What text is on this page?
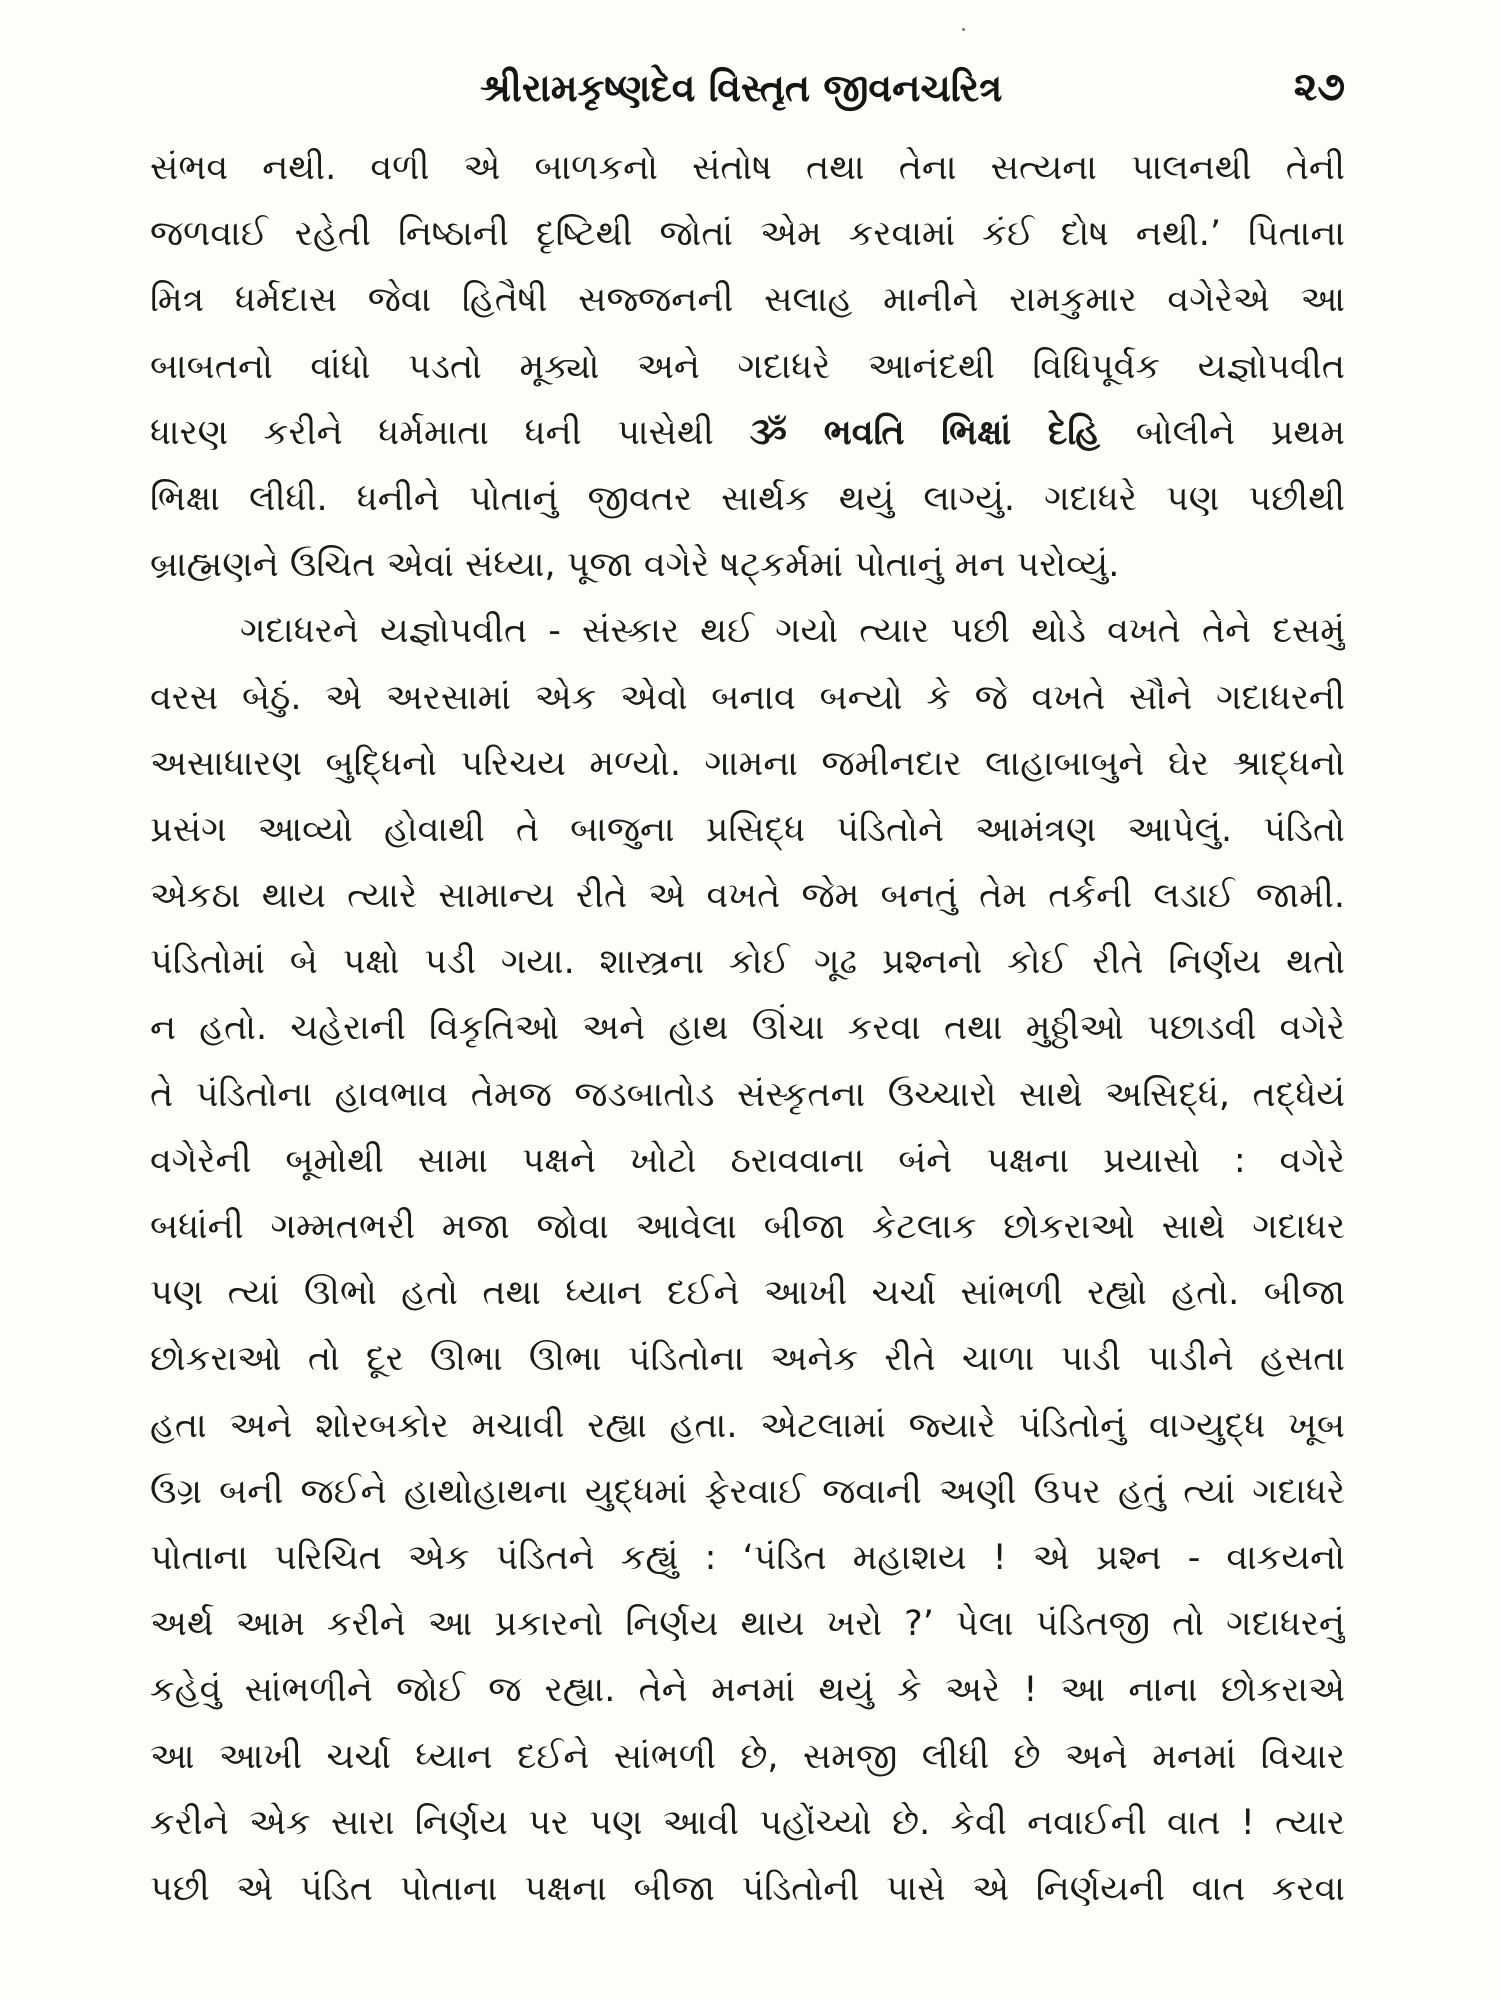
શ્રીરામકૃષ્ણદેવ વિસ્તૃત જીવનચરિત્ર	૨૭
સંભવ નથી. વળી એ બાળકનો સંતોષ તથા તેના સત્યના પાલનથી તેની
જળવાઈ રહેતી નિષ્ઠાની દૃષ્ટિથી જોતાં એમ કરવામાં કંઈ દોષ નથી.’ પિતાના
મિત્ર ધર્મદાસ જેવા હિતૈષી સજ્જનની સલાહ માનીને રામકુમાર વગેરેએ આ
બાબતનો વાંધો પડતો મૂક્યો અને ગદાધરે આનંદથી વિધિપૂર્વક યજ્ઞોપવીત
ધારણ કરીને ધર્મમાતા ધની પાસેથી ૐ ભવતિ ભિક્ષાં દેહિ બોલીને પ્રથમ
ભિક્ષા લીધી. ધનીને પોતાનું જીવતર સાર્થક થયું લાગ્યું. ગદાધરે પણ પછીથી
બ્રાહ્મણને ઉચિત એવાં સંધ્યા, પૂજા વગેરે ષટ્કર્મમાં પોતાનું મન પરોવ્યું.
ગદાધરને યજ્ઞોપવીત - સંસ્કાર થઈ ગયો ત્યાર પછી થોડે વખતે તેને દસમું
વરસ બેઠું. એ અરસામાં એક એવો બનાવ બન્યો કે જે વખતે સૌને ગદાધરની
અસાધારણ બુદ્ધિનો પરિચય મળ્યો. ગામના જમીનદાર લાહાબાબુને ઘેર શ્રાદ્ધનો
પ્રસંગ આવ્યો હોવાથી તે બાજુના પ્રસિદ્ધ પંડિતોને આમંત્રણ આપેલું. પંડિતો
એકઠા થાય ત્યારે સામાન્ય રીતે એ વખતે જેમ બનતું તેમ તર્કની લડાઈ જામી.
પંડિતોમાં બે પક્ષો પડી ગયા. શાસ્ત્રના કોઈ ગૂઢ પ્રશ્નનો કોઈ રીતે નિર્ણય થતો
ન હતો. ચહેરાની વિકૃતિઓ અને હાથ ઊંચા કરવા તથા મુઠ્ઠીઓ પછાડવી વગેરે
તે પંડિતોના હાવભાવ તેમજ જડબાતોડ સંસ્કૃતના ઉચ્ચારો સાથે અસિદ્ધં, તદ્ધેયં
વગેરેની બૂમોથી સામા પક્ષને ખોટો ઠરાવવાના બંને પક્ષના પ્રયાસો : વગેરે
બધાંની ગમ્મતભરી મજા જોવા આવેલા બીજા કેટલાક છોકરાઓ સાથે ગદાધર
પણ ત્યાં ઊભો હતો તથા ધ્યાન દઈને આખી ચર્ચા સાંભળી રહ્યો હતો. બીજા
છોકરાઓ તો દૂર ઊભા ઊભા પંડિતોના અનેક રીતે ચાળા પાડી પાડીને હસતા
હતા અને શોરબકોર મચાવી રહ્યા હતા. એટલામાં જ્યારે પંડિતોનું વાગ્યુદ્ધ ખૂબ
ઉગ્ર બની જઈને હાથોહાથના યુદ્ધમાં ફેરવાઈ જવાની અણી ઉપર હતું ત્યાં ગદાધરે
પોતાના પરિચિત એક પંડિતને કહ્યું : ‘પંડિત મહાશય ! એ પ્રશ્ન - વાકયનો
અર્થ આમ કરીને આ પ્રકારનો નિર્ણય થાય ખરો ?’ પેલા પંડિતજી તો ગદાધરનું
કહેવું સાંભળીને જોઈ જ રહ્યા. તેને મનમાં થયું કે અરે ! આ નાના છોકરાએ
આ આખી ચર્ચા ધ્યાન દઈને સાંભળી છે, સમજી લીધી છે અને મનમાં વિચાર
કરીને એક સારા નિર્ણય પર પણ આવી પહોંચ્યો છે. કેવી નવાઈની વાત ! ત્યાર
પછી એ પંડિત પોતાના પક્ષના બીજા પંડિતોની પાસે એ નિર્ણયની વાત કરવા
